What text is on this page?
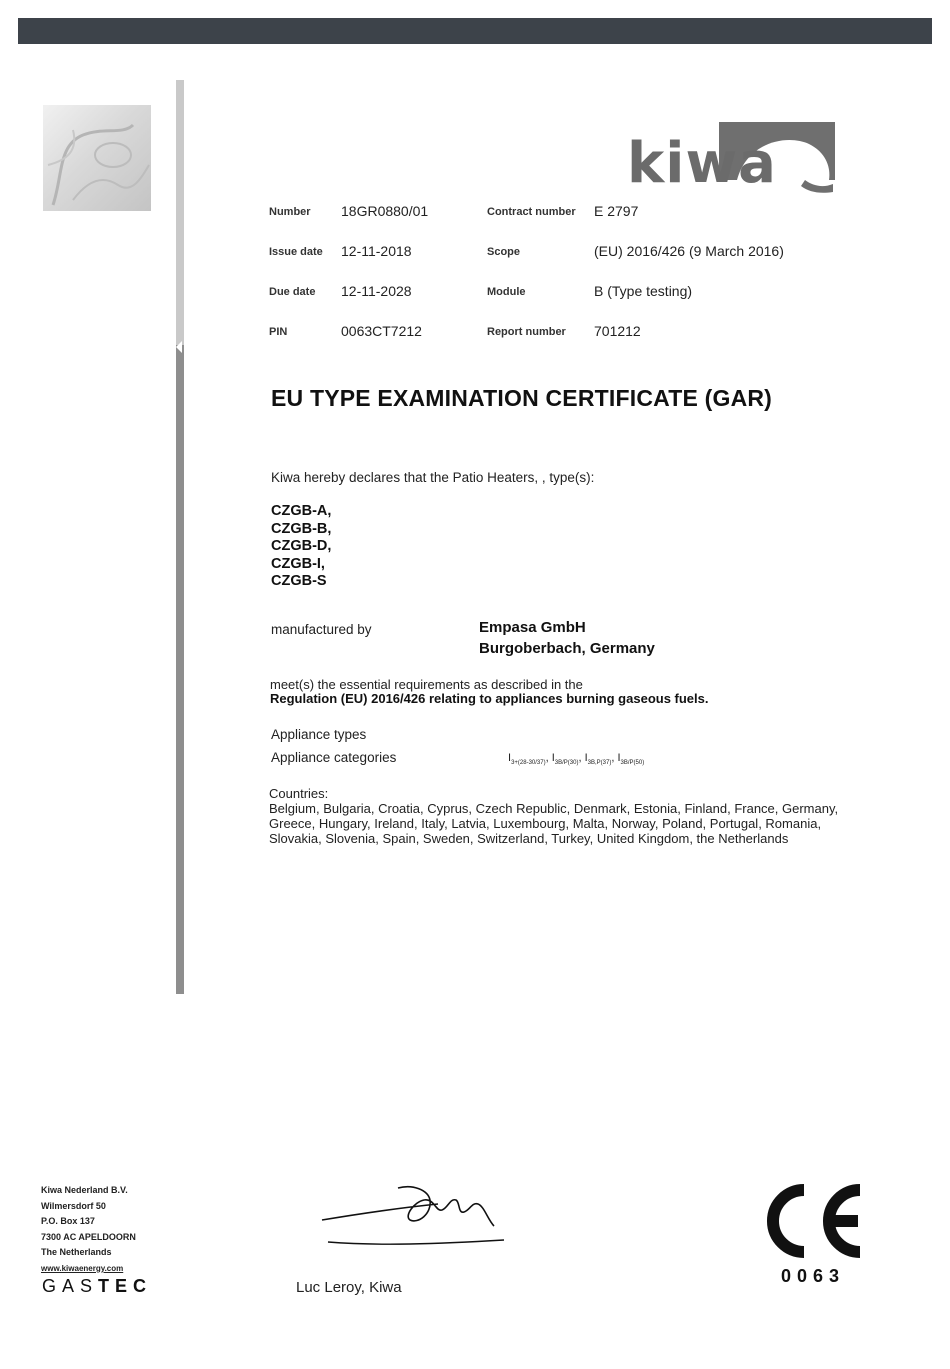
kiwa
Number 18GR0880/01	Contract number E 2797
Issue date 12-11-2018	Scope	(EU) 2016/426 (9 March 2016)
Due date 12-11-2028	Module	B (Type testing)
PIN	0063CT7212	Report number 701212
EU TYPE EXAMINATION CERTIFICATE (GAR)
Kiwa hereby declares that the Patio Heaters, , type(s):
CZGB-A,
CZGB-B,
CZGB-D,
CZGB-I,
CZGB-S
manufactured by	Empasa GmbH
Burgoberbach, Germany
meet(s) the essential requirements as described in the
Regulation (EU) 2016/426 relating to appliances burning gaseous fuels.
Appliance types
Appliance categories	$I_{3+(28-30/37)}$, $I_{3B/P(30)}$, $I_{3B,P(37)}$, $I_{3B/P(50)}$
Countries:
Belgium, Bulgaria, Croatia, Cyprus, Czech Republic, Denmark, Estonia, Finland, France, Germany, Greece, Hungary, Ireland, Italy, Latvia, Luxembourg, Malta, Norway, Poland, Portugal, Romania, Slovakia, Slovenia, Spain, Sweden, Switzerland, Turkey, United Kingdom, the Netherlands
Kiwa Nederland B.V.
Wilmersdorf 50
P.O. Box 137
7300 AC APELDOORN
The Netherlands
www.kiwaenergy.com
GASTEC	Luc Leroy, Kiwa
0063
